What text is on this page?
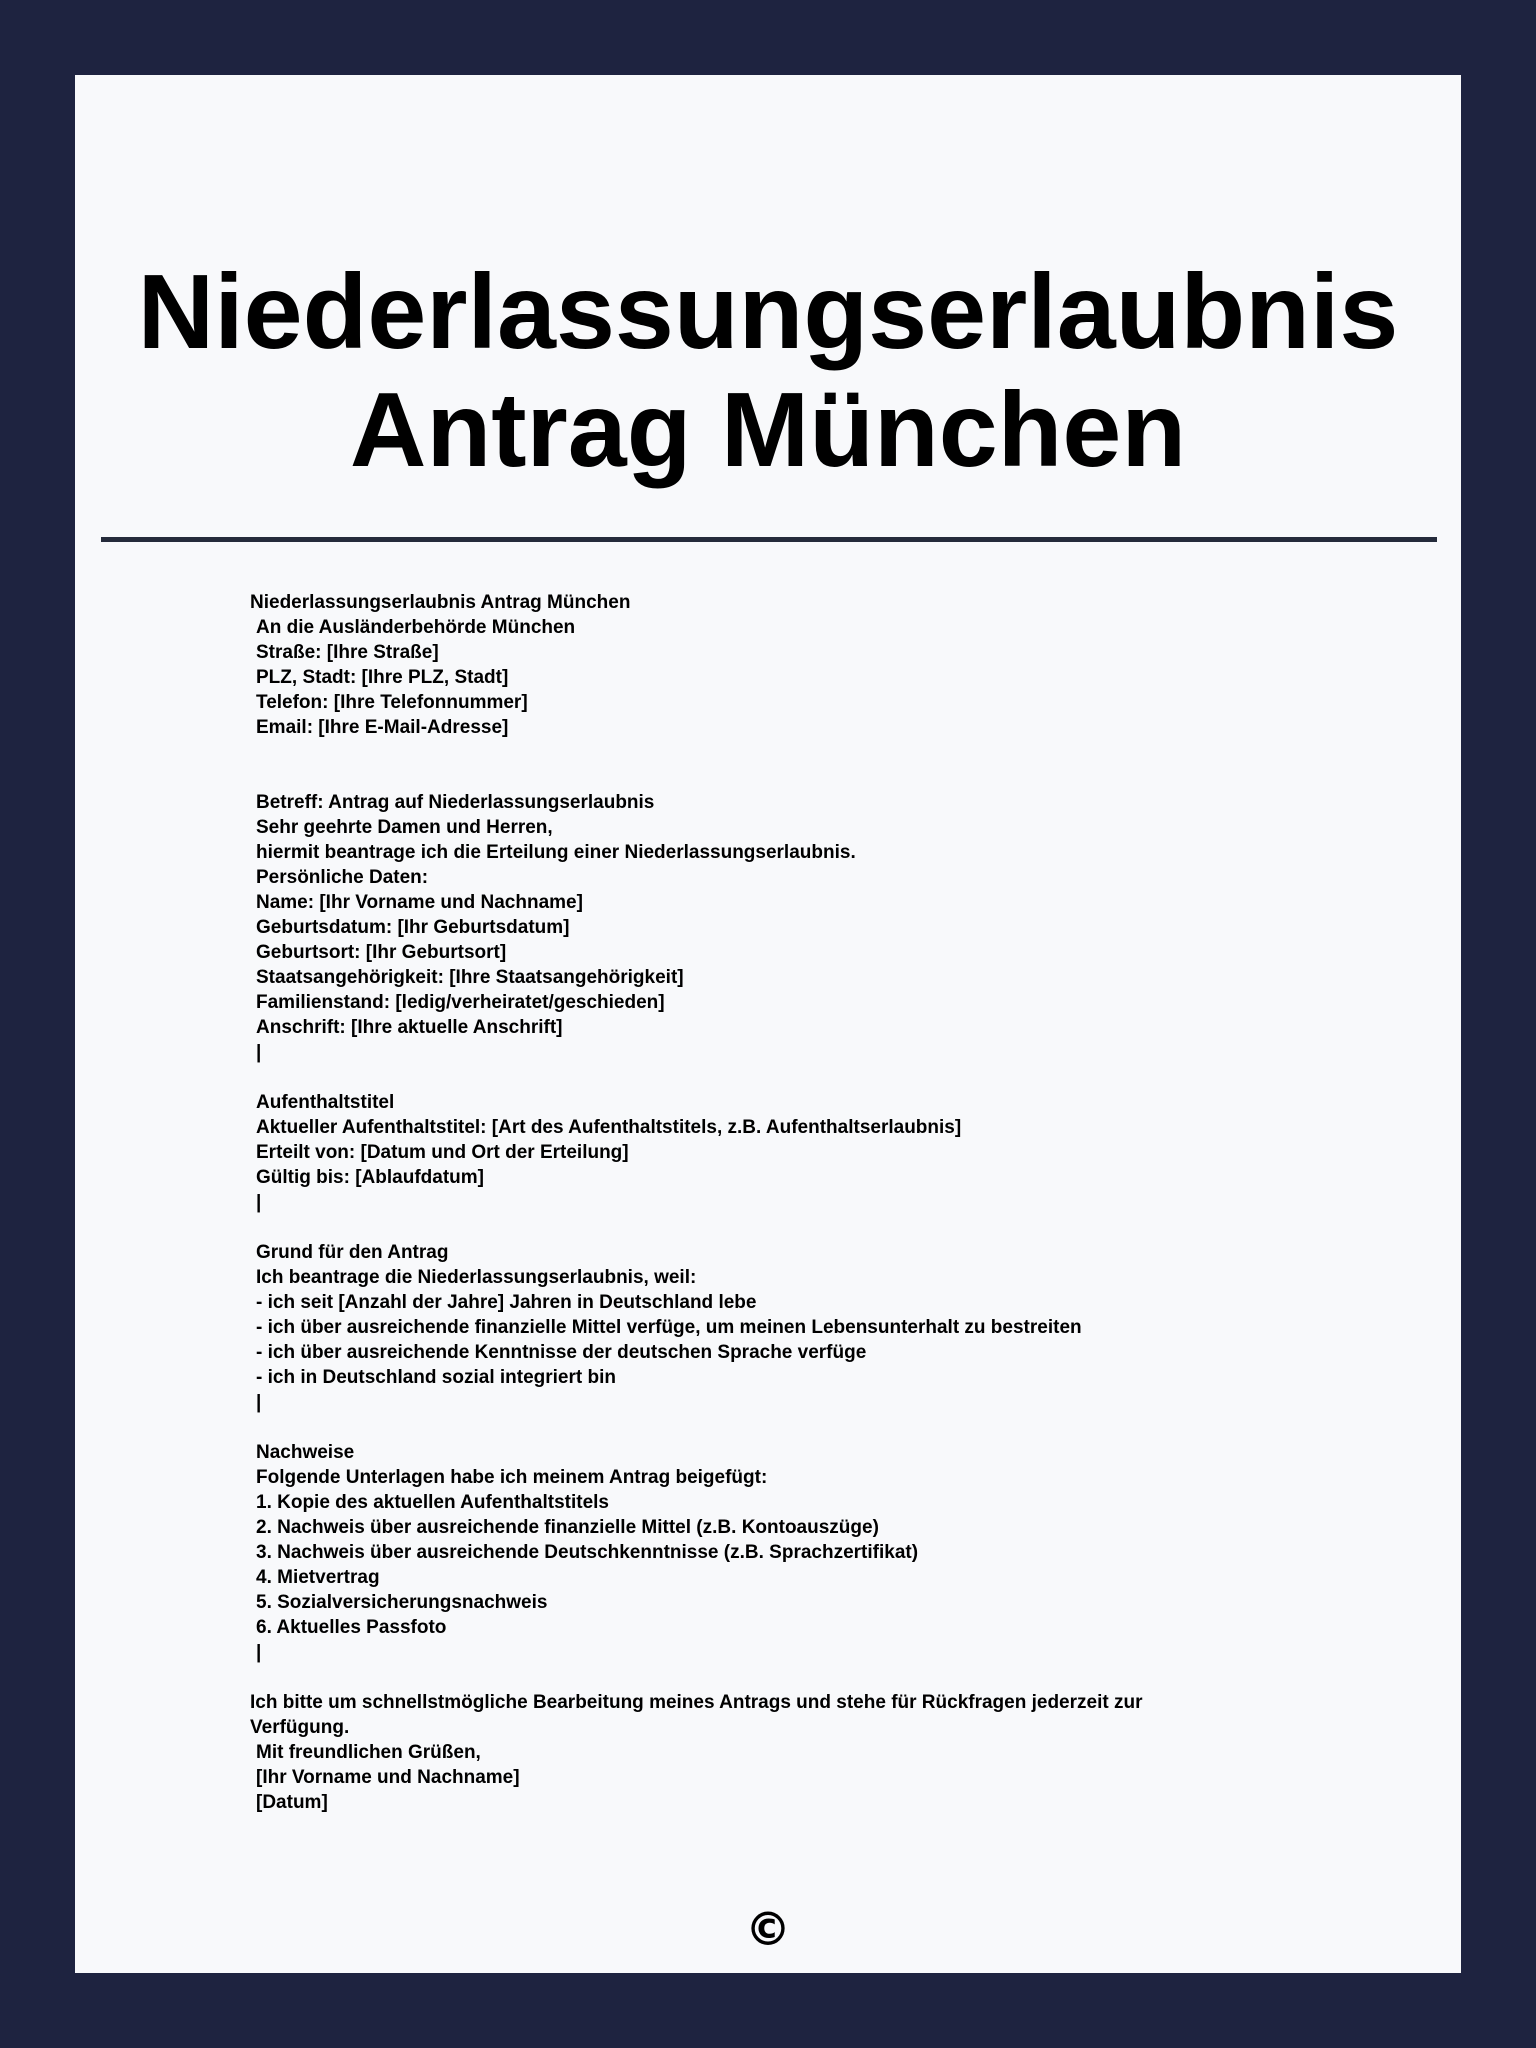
Niederlassungserlaubnis
Antrag München
Niederlassungserlaubnis Antrag München
An die Ausländerbehörde München
Straße: [Ihre Straße]
PLZ, Stadt: [Ihre PLZ, Stadt]
Telefon: [Ihre Telefonnummer]
Email: [Ihre E-Mail-Adresse]
Betreff: Antrag auf Niederlassungserlaubnis
Sehr geehrte Damen und Herren,
hiermit beantrage ich die Erteilung einer Niederlassungserlaubnis.
Persönliche Daten:
Name: [Ihr Vorname und Nachname]
Geburtsdatum: [Ihr Geburtsdatum]
Geburtsort: [Ihr Geburtsort]
Staatsangehörigkeit: [Ihre Staatsangehörigkeit]
Familienstand: [ledig/verheiratet/geschieden]
Anschrift: [Ihre aktuelle Anschrift]
|
Aufenthaltstitel
Aktueller Aufenthaltstitel: [Art des Aufenthaltstitels, z.B. Aufenthaltserlaubnis]
Erteilt von: [Datum und Ort der Erteilung]
Gültig bis: [Ablaufdatum]
|
Grund für den Antrag
Ich beantrage die Niederlassungserlaubnis, weil:
- ich seit [Anzahl der Jahre] Jahren in Deutschland lebe
- ich über ausreichende finanzielle Mittel verfüge, um meinen Lebensunterhalt zu bestreiten
- ich über ausreichende Kenntnisse der deutschen Sprache verfüge
- ich in Deutschland sozial integriert bin
|
Nachweise
Folgende Unterlagen habe ich meinem Antrag beigefügt:
1. Kopie des aktuellen Aufenthaltstitels
2. Nachweis über ausreichende finanzielle Mittel (z.B. Kontoauszüge)
3. Nachweis über ausreichende Deutschkenntnisse (z.B. Sprachzertifikat)
4. Mietvertrag
5. Sozialversicherungsnachweis
6. Aktuelles Passfoto
|
Ich bitte um schnellstmögliche Bearbeitung meines Antrags und stehe für Rückfragen jederzeit zur Verfügung.
Mit freundlichen Grüßen,
[Ihr Vorname und Nachname]
[Datum]
©
